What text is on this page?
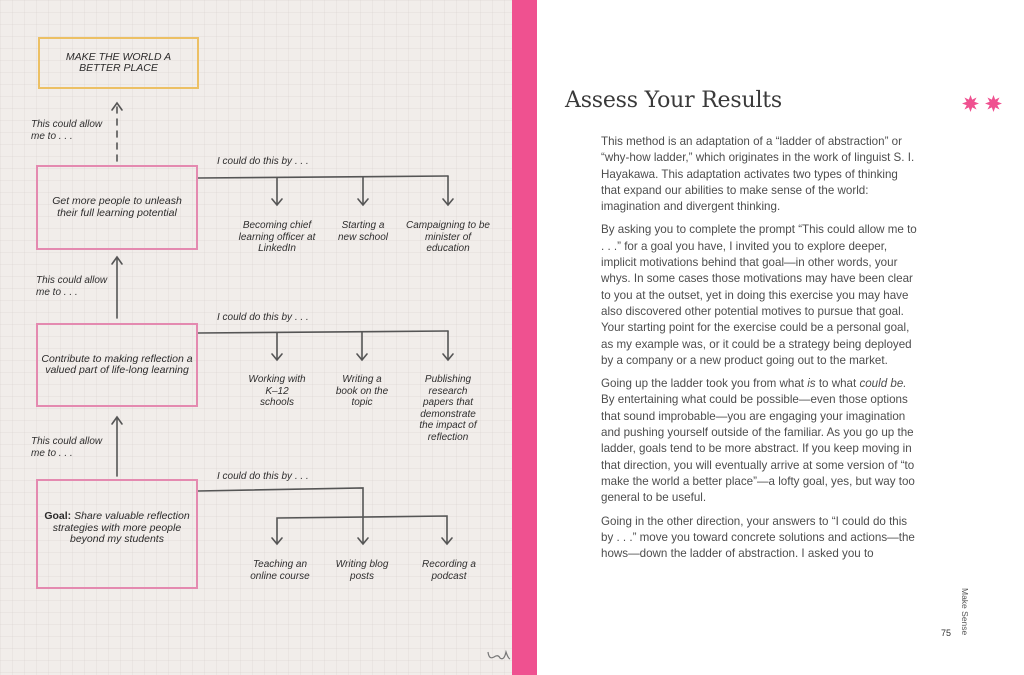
MAKE THE WORLD A BETTER PLACE
This could allow me to . . .
Get more people to unleash their full learning potential
I could do this by . . .
Becoming chief learning officer at LinkedIn
Starting a new school
Campaigning to be minister of education
This could allow me to . . .
Contribute to making reflection a valued part of life-long learning
I could do this by . . .
Working with K–12 schools
Writing a book on the topic
Publishing research papers that demonstrate the impact of reflection
This could allow me to . . .
Goal: Share valuable reflection strategies with more people beyond my students
I could do this by . . .
Teaching an online course
Writing blog posts
Recording a podcast
Assess Your Results

This method is an adaptation of a “ladder of abstraction” or “why-how ladder,” which originates in the work of linguist S. I. Hayakawa. This adaptation activates two types of thinking that expand our abilities to make sense of the world: imagination and divergent thinking.

By asking you to complete the prompt “This could allow me to . . .” for a goal you have, I invited you to explore deeper, implicit motivations behind that goal—in other words, your whys. In some cases those motivations may have been clear to you at the outset, yet in doing this exercise you may have also discovered other potential motives to pursue that goal. Your starting point for the exercise could be a personal goal, as my example was, or it could be a strategy being deployed by a company or a new product going out to the market.

Going up the ladder took you from what is to what could be. By entertaining what could be possible—even those options that sound improbable—you are engaging your imagination and pushing yourself outside of the familiar. As you go up the ladder, goals tend to be more abstract. If you keep moving in that direction, you will eventually arrive at some version of “to make the world a better place”—a lofty goal, yes, but way too general to be useful.

Going in the other direction, your answers to “I could do this by . . .” move you toward concrete solutions and actions—the hows—down the ladder of abstraction. I asked you to

Make Sense
75
